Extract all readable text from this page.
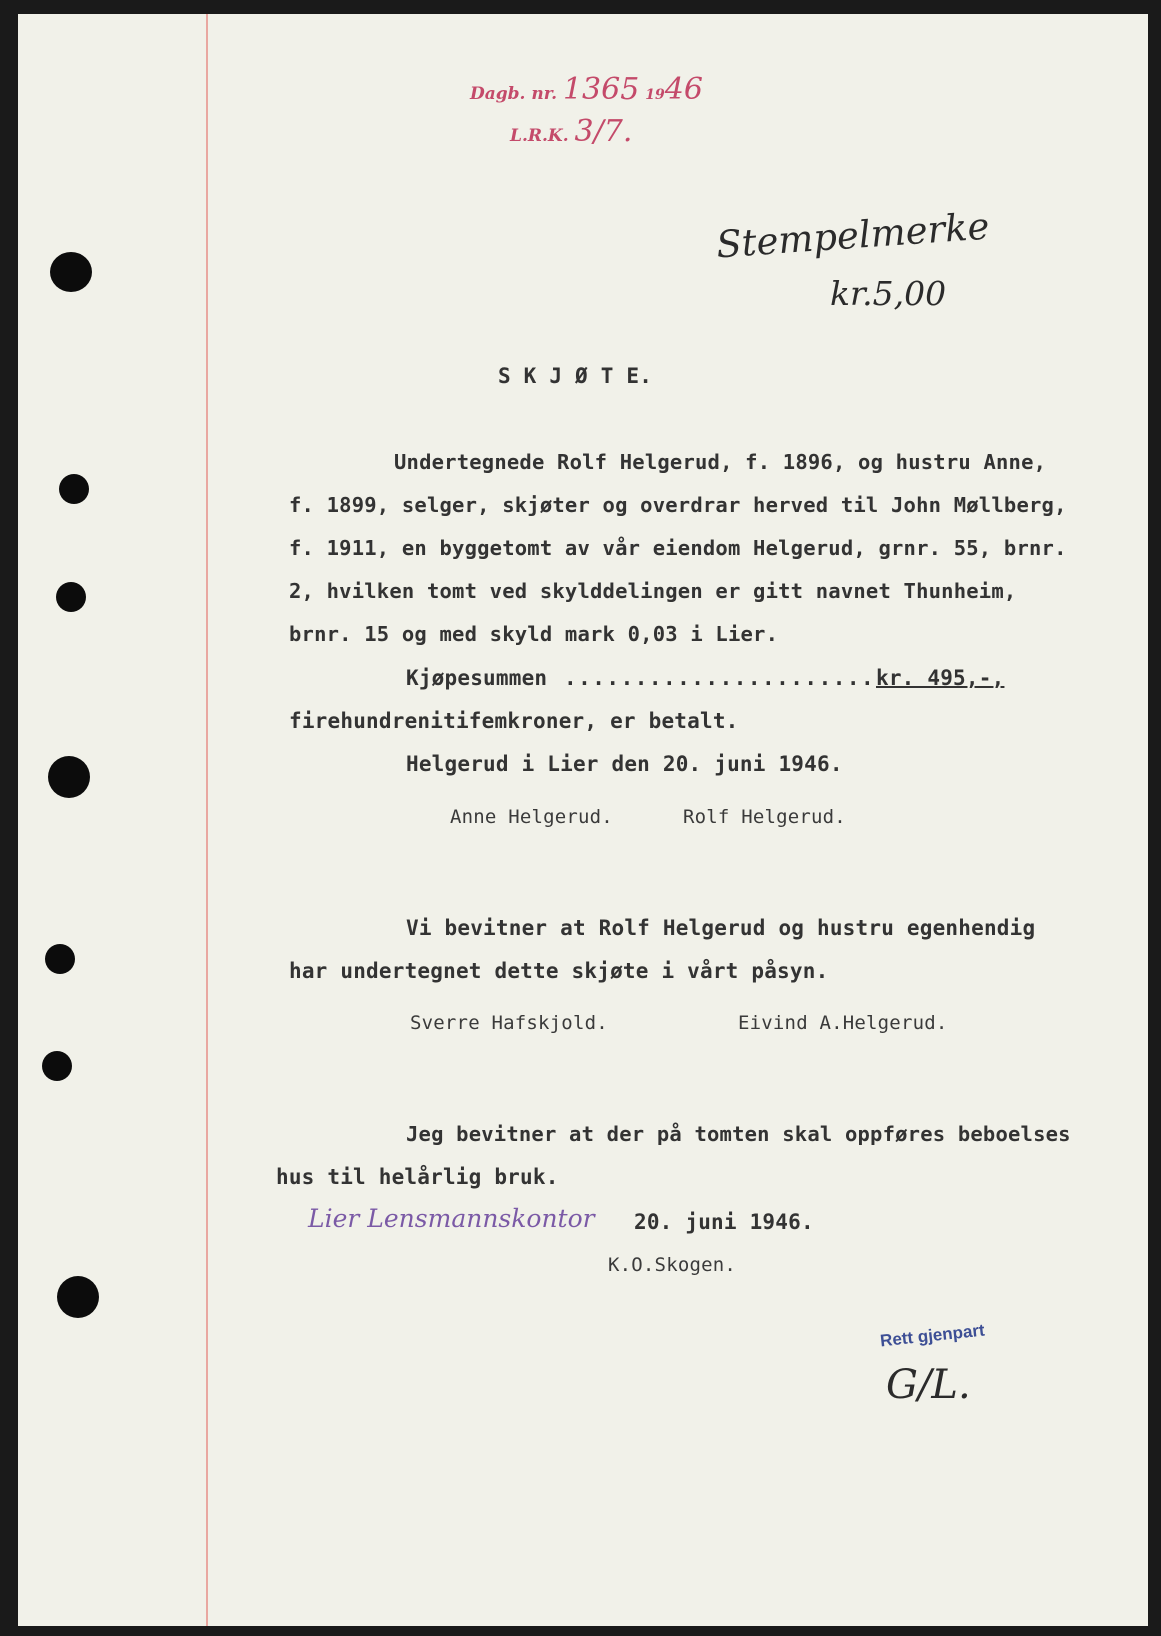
Dagb. nr. 1365 1946
L.R.K. 3/7.
Stempelmerke
kr.5,00
S K J Ø T E.
Undertegnede Rolf Helgerud, f. 1896, og hustru Anne,
f. 1899, selger, skjøter og overdrar herved til John Møllberg,
f. 1911, en byggetomt av vår eiendom Helgerud, grnr. 55, brnr.
2, hvilken tomt ved skylddelingen er gitt navnet Thunheim,
brnr. 15 og med skyld mark 0,03 i Lier.
Kjøpesummen ...................... kr. 495,-,
firehundrenitifemkroner, er betalt.
Helgerud i Lier den 20. juni 1946.
Anne Helgerud.	Rolf Helgerud.
Vi bevitner at Rolf Helgerud og hustru egenhendig
har undertegnet dette skjøte i vårt påsyn.
Sverre Hafskjold.	Eivind A.Helgerud.
Jeg bevitner at der på tomten skal oppføres beboelses
hus til helårlig bruk.
Lier Lensmannskontor 20. juni 1946.
K.O.Skogen.
Rett gjenpart
G/L.
